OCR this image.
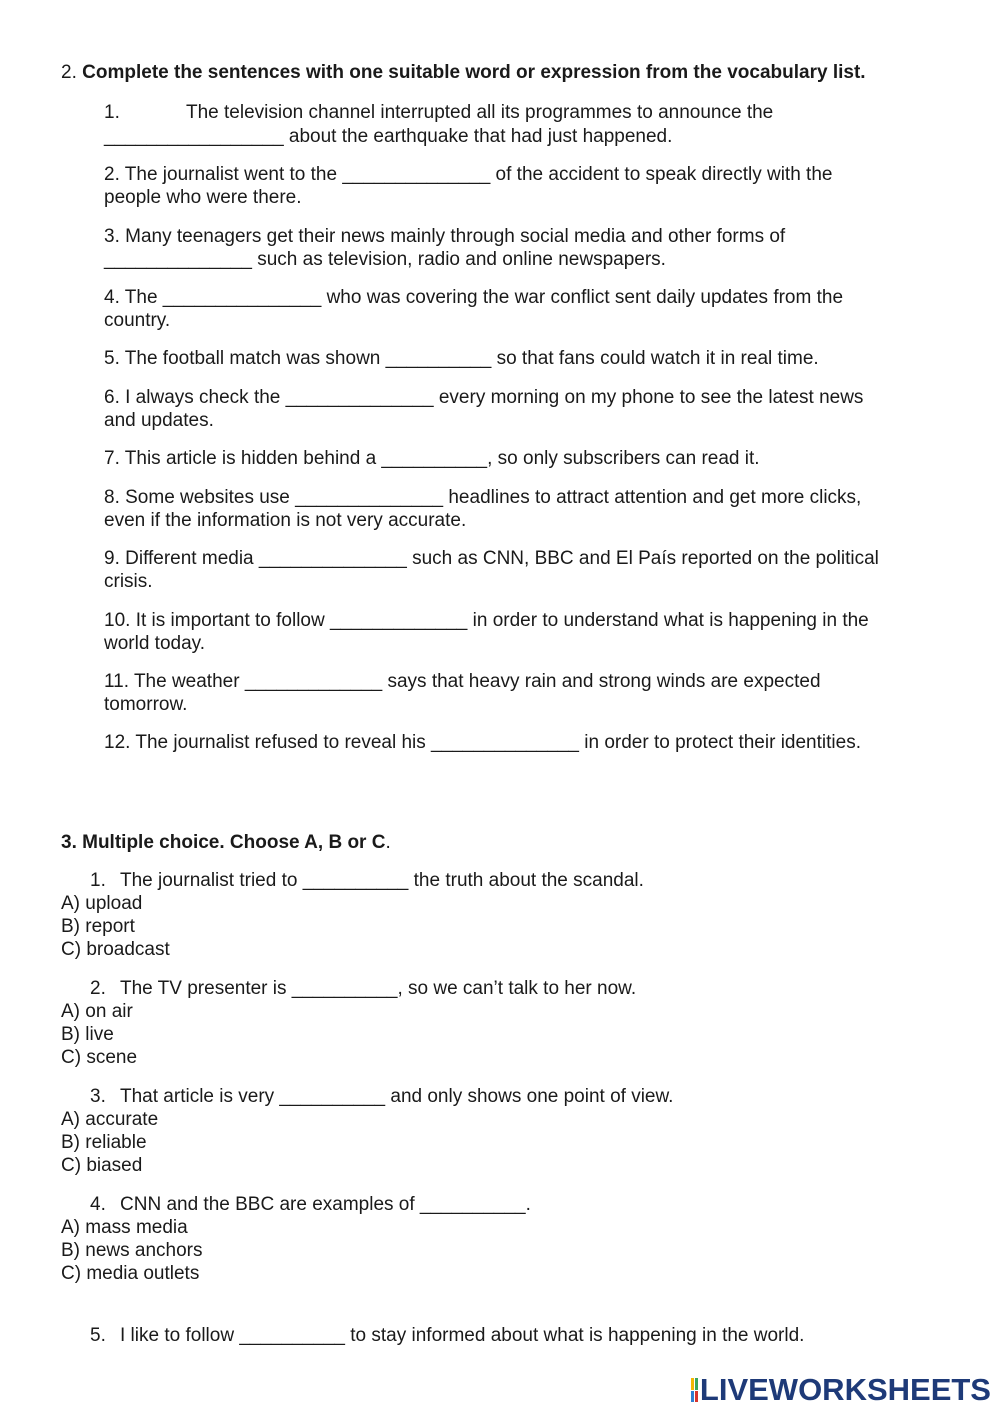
2. Complete the sentences with one suitable word or expression from the vocabulary list.
1.	The television channel interrupted all its programmes to announce the
_________________ about the earthquake that had just happened.
2. The journalist went to the ______________ of the accident to speak directly with the
people who were there.
3. Many teenagers get their news mainly through social media and other forms of
______________ such as television, radio and online newspapers.
4. The _______________ who was covering the war conflict sent daily updates from the
country.
5. The football match was shown __________ so that fans could watch it in real time.
6. I always check the ______________ every morning on my phone to see the latest news
and updates.
7. This article is hidden behind a __________, so only subscribers can read it.
8. Some websites use ______________ headlines to attract attention and get more clicks,
even if the information is not very accurate.
9. Different media ______________ such as CNN, BBC and El País reported on the political
crisis.
10. It is important to follow _____________ in order to understand what is happening in the
world today.
11. The weather _____________ says that heavy rain and strong winds are expected
tomorrow.
12. The journalist refused to reveal his ______________ in order to protect their identities.
3. Multiple choice. Choose A, B or C.
1. The journalist tried to __________ the truth about the scandal.
A) upload
B) report
C) broadcast
2. The TV presenter is __________, so we can’t talk to her now.
A) on air
B) live
C) scene
3. That article is very __________ and only shows one point of view.
A) accurate
B) reliable
C) biased
4. CNN and the BBC are examples of __________.
A) mass media
B) news anchors
C) media outlets
5. I like to follow __________ to stay informed about what is happening in the world.
LIVEWORKSHEETS
